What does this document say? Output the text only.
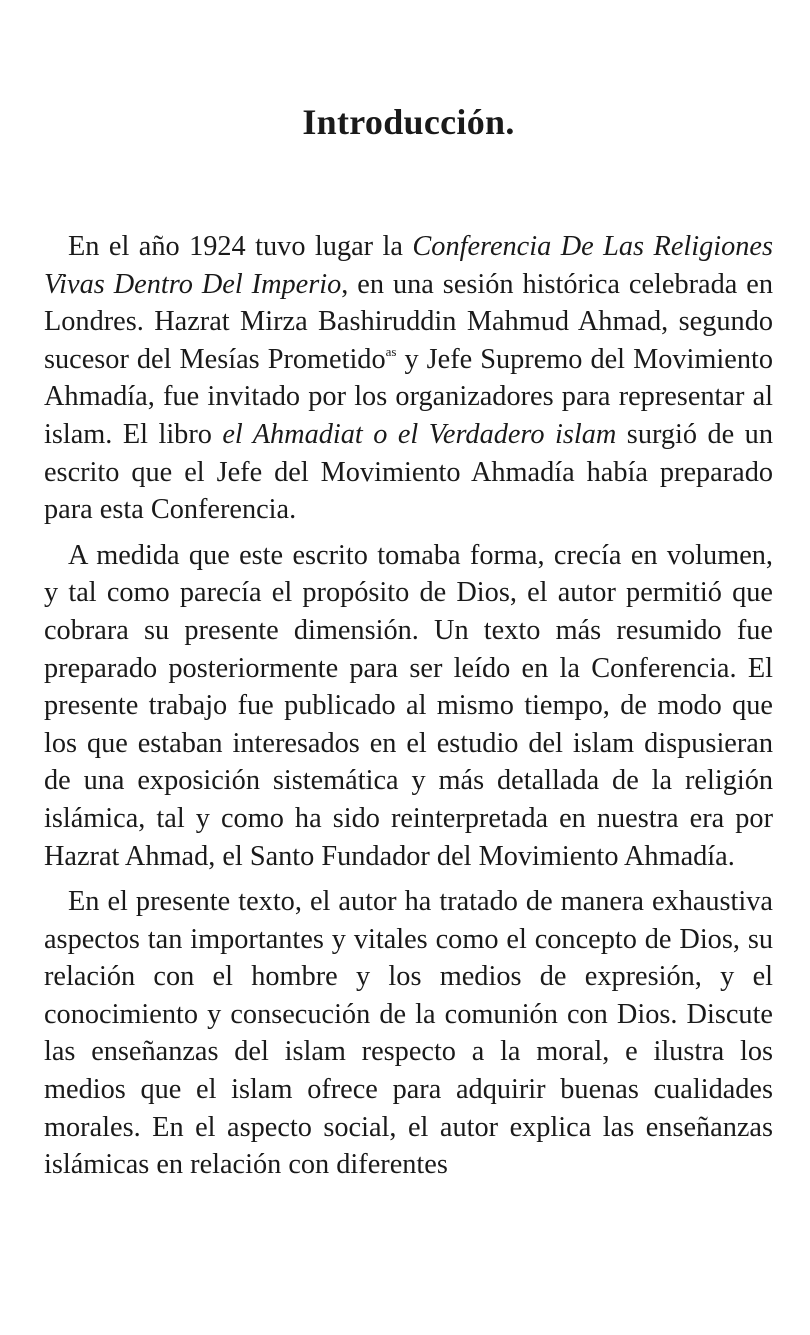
Introducción.

En el año 1924 tuvo lugar la Conferencia De Las Religiones Vivas Dentro Del Imperio, en una sesión histórica celebrada en Londres. Hazrat Mirza Bashiruddin Mahmud Ahmad, segundo sucesor del Mesías Prometido$^{as}$ y Jefe Supremo del Movimiento Ahmadía, fue invitado por los organizadores para representar al islam. El libro el Ahmadiat o el Verdadero islam surgió de un escrito que el Jefe del Movimiento Ahmadía había preparado para esta Conferencia.

A medida que este escrito tomaba forma, crecía en volumen, y tal como parecía el propósito de Dios, el autor permitió que cobrara su presente dimensión. Un texto más resumido fue preparado posteriormente para ser leído en la Conferencia. El presente trabajo fue publicado al mismo tiempo, de modo que los que estaban interesados en el estudio del islam dispusieran de una exposición sistemática y más detallada de la religión islámica, tal y como ha sido reinterpretada en nuestra era por Hazrat Ahmad, el Santo Fundador del Movimiento Ahmadía.

En el presente texto, el autor ha tratado de manera exhaustiva aspectos tan importantes y vitales como el concepto de Dios, su relación con el hombre y los medios de expresión, y el conocimiento y consecución de la comunión con Dios. Discute las enseñanzas del islam respecto a la moral, e ilustra los medios que el islam ofrece para adquirir buenas cualidades morales. En el aspecto social, el autor explica las enseñanzas islámicas en relación con diferentes
